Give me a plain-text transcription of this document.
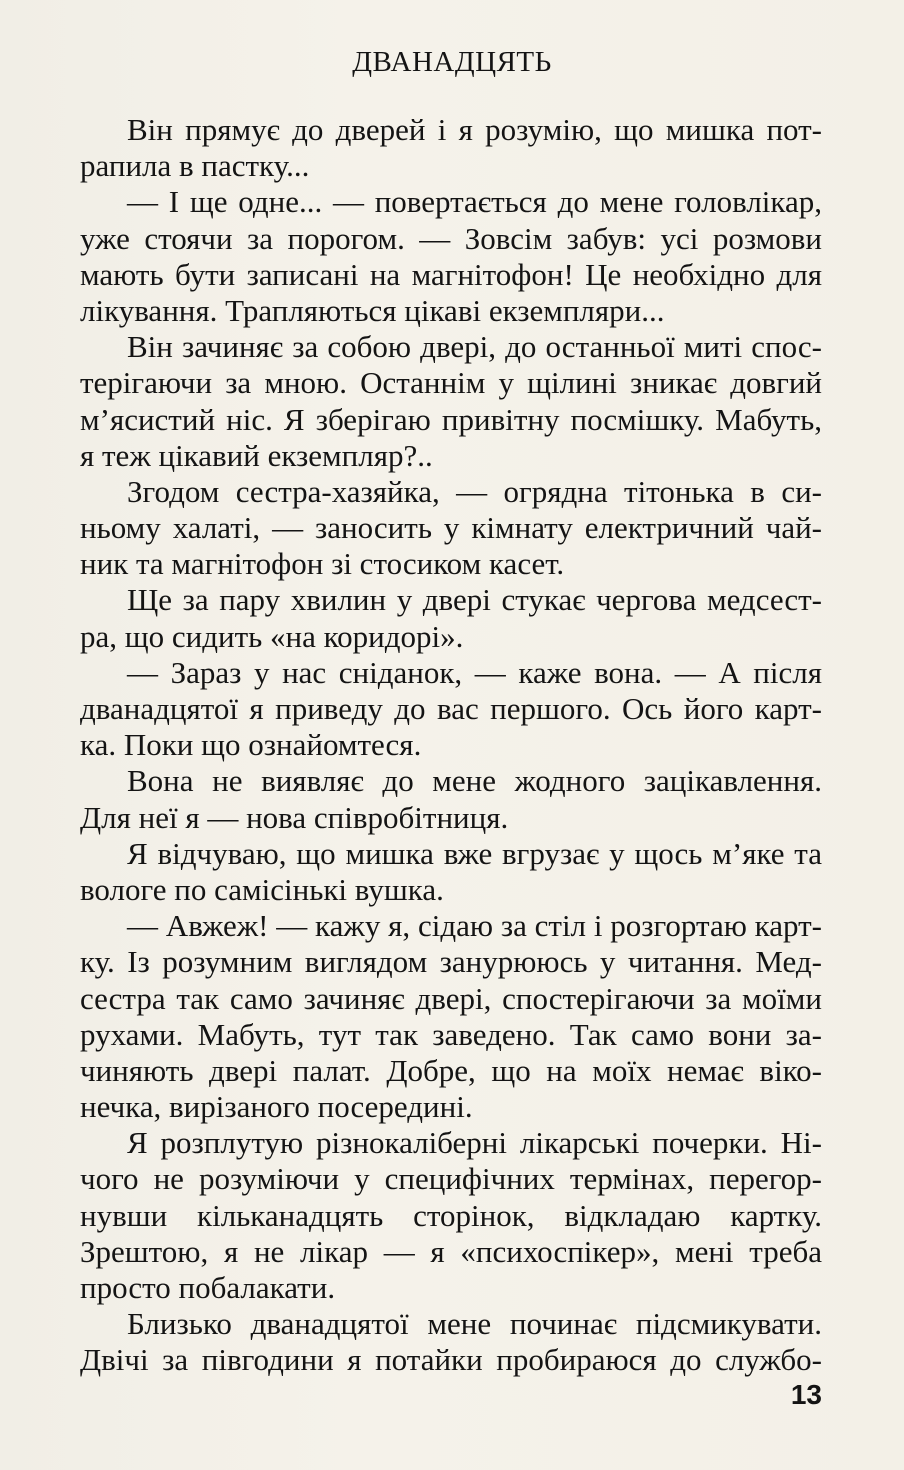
ДВАНАДЦЯТЬ
Він прямує до дверей і я розумію, що мишка пот-
рапила в пастку...
— І ще одне... — повертається до мене головлікар,
уже стоячи за порогом. — Зовсім забув: усі розмови
мають бути записані на магнітофон! Це необхідно для
лікування. Трапляються цікаві екземпляри...
Він зачиняє за собою двері, до останньої миті спос-
терігаючи за мною. Останнім у щілині зникає довгий
м’ясистий ніс. Я зберігаю привітну посмішку. Мабуть,
я теж цікавий екземпляр?..
Згодом сестра-хазяйка, — огрядна тітонька в си-
ньому халаті, — заносить у кімнату електричний чай-
ник та магнітофон зі стосиком касет.
Ще за пару хвилин у двері стукає чергова медсест-
ра, що сидить «на коридорі».
— Зараз у нас сніданок, — каже вона. — А після
дванадцятої я приведу до вас першого. Ось його карт-
ка. Поки що ознайомтеся.
Вона не виявляє до мене жодного зацікавлення.
Для неї я — нова співробітниця.
Я відчуваю, що мишка вже вгрузає у щось м’яке та
вологе по самісінькі вушка.
— Авжеж! — кажу я, сідаю за стіл і розгортаю карт-
ку. Із розумним виглядом занурююсь у читання. Мед-
сестра так само зачиняє двері, спостерігаючи за моїми
рухами. Мабуть, тут так заведено. Так само вони за-
чиняють двері палат. Добре, що на моїх немає віко-
нечка, вирізаного посередині.
Я розплутую різнокаліберні лікарські почерки. Ні-
чого не розуміючи у специфічних термінах, перегор-
нувши кільканадцять сторінок, відкладаю картку.
Зрештою, я не лікар — я «психоспікер», мені треба
просто побалакати.
Близько дванадцятої мене починає підсмикувати.
Двічі за півгодини я потайки пробираюся до службо-
13
